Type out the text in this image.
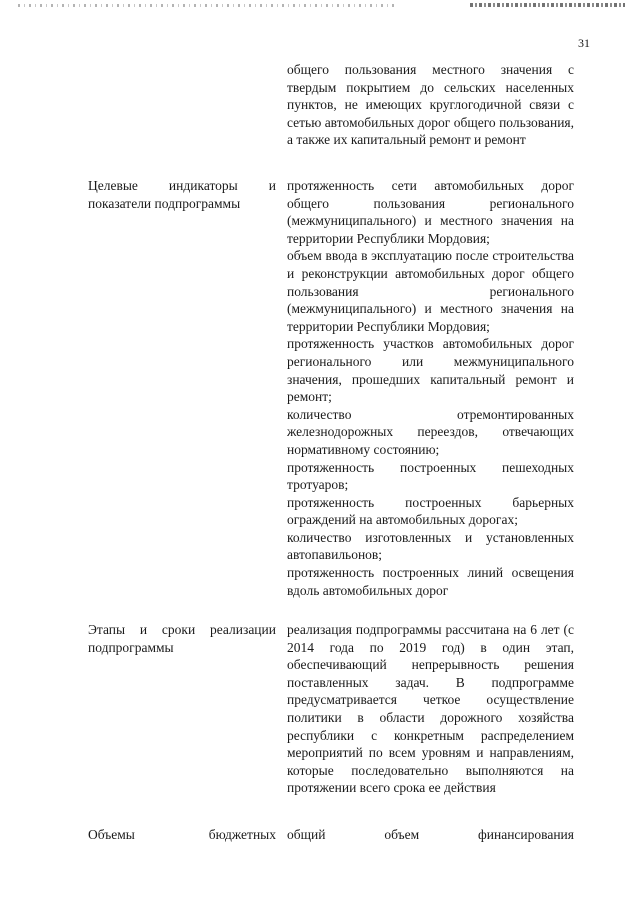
31
общего пользования местного значения с твердым покрытием до сельских населенных пунктов, не имеющих круглогодичной связи с сетью автомобильных дорог общего пользования, а также их капитальный ремонт и ремонт
Целевые индикаторы и показатели подпрограммы
протяженность сети автомобильных дорог общего пользования регионального (межмуниципального) и местного значения на территории Республики Мордовия;
объем ввода в эксплуатацию после строительства и реконструкции автомобильных дорог общего пользования регионального (межмуниципального) и местного значения на территории Республики Мордовия;
протяженность участков автомобильных дорог регионального или межмуниципального значения, прошедших капитальный ремонт и ремонт;
количество отремонтированных железнодорожных переездов, отвечающих нормативному состоянию;
протяженность построенных пешеходных тротуаров;
протяженность построенных барьерных ограждений на автомобильных дорогах;
количество изготовленных и установленных автопавильонов;
протяженность построенных линий освещения вдоль автомобильных дорог
Этапы и сроки реализации подпрограммы
реализация подпрограммы рассчитана на 6 лет (с 2014 года по 2019 год) в один этап, обеспечивающий непрерывность решения поставленных задач. В подпрограмме предусматривается четкое осуществление политики в области дорожного хозяйства республики с конкретным распределением мероприятий по всем уровням и направлениям, которые последовательно выполняются на протяжении всего срока ее действия
Объемы бюджетных общий объем финансирования
